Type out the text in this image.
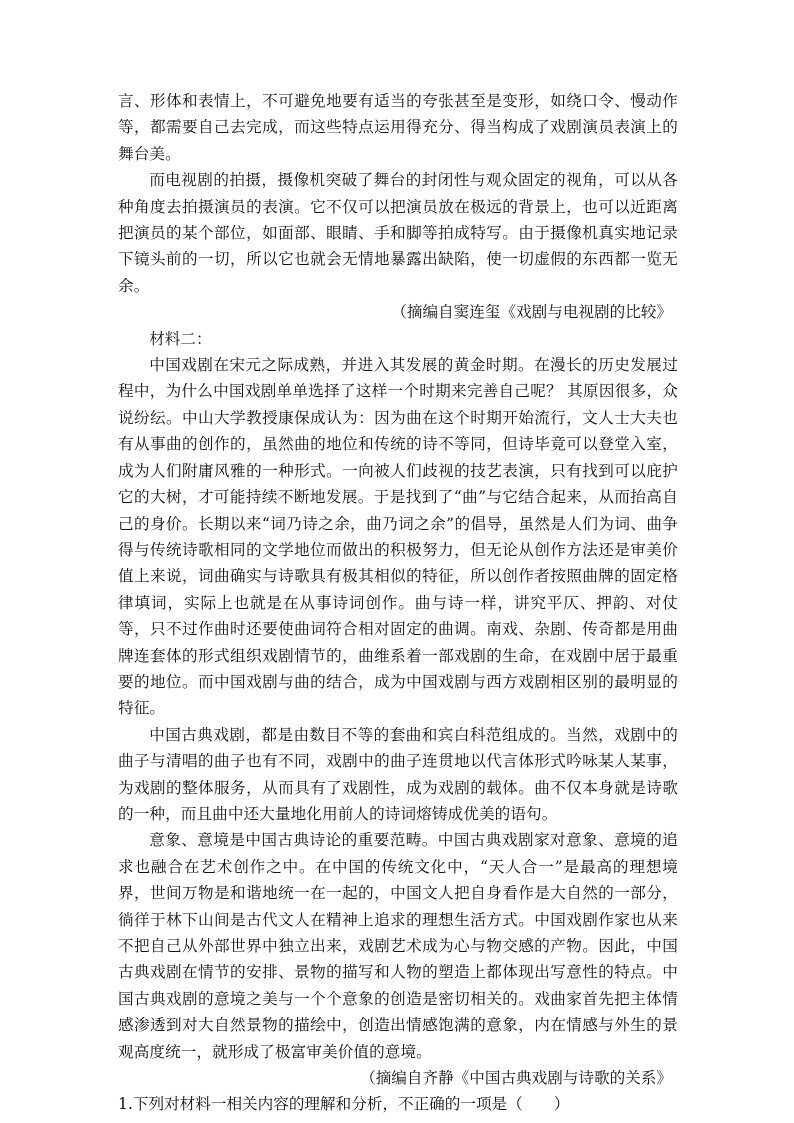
言、形体和表情上，不可避免地要有适当的夸张甚至是变形，如绕口令、慢动作等，都需要自己去完成，而这些特点运用得充分、得当构成了戏剧演员表演上的舞台美。

而电视剧的拍摄，摄像机突破了舞台的封闭性与观众固定的视角，可以从各种角度去拍摄演员的表演。它不仅可以把演员放在极远的背景上，也可以近距离把演员的某个部位，如面部、眼睛、手和脚等拍成特写。由于摄像机真实地记录下镜头前的一切，所以它也就会无情地暴露出缺陷，使一切虚假的东西都一览无余。

（摘编自窦连玺《戏剧与电视剧的比较》

材料二：

中国戏剧在宋元之际成熟，并进入其发展的黄金时期。在漫长的历史发展过程中，为什么中国戏剧单单选择了这样一个时期来完善自己呢？ 其原因很多，众说纷纭。中山大学教授康保成认为：因为曲在这个时期开始流行，文人士大夫也有从事曲的创作的，虽然曲的地位和传统的诗不等同，但诗毕竟可以登堂入室，成为人们附庸风雅的一种形式。一向被人们歧视的技艺表演，只有找到可以庇护它的大树，才可能持续不断地发展。于是找到了“曲”与它结合起来，从而抬高自己的身价。长期以来“词乃诗之余，曲乃词之余”的倡导，虽然是人们为词、曲争得与传统诗歌相同的文学地位而做出的积极努力，但无论从创作方法还是审美价值上来说，词曲确实与诗歌具有极其相似的特征，所以创作者按照曲牌的固定格律填词，实际上也就是在从事诗词创作。曲与诗一样，讲究平仄、押韵、对仗等，只不过作曲时还要使曲词符合相对固定的曲调。南戏、杂剧、传奇都是用曲牌连套体的形式组织戏剧情节的，曲维系着一部戏剧的生命，在戏剧中居于最重要的地位。而中国戏剧与曲的结合，成为中国戏剧与西方戏剧相区别的最明显的特征。

中国古典戏剧，都是由数目不等的套曲和宾白科范组成的。当然，戏剧中的曲子与清唱的曲子也有不同，戏剧中的曲子连贯地以代言体形式吟咏某人某事，为戏剧的整体服务，从而具有了戏剧性，成为戏剧的载体。曲不仅本身就是诗歌的一种，而且曲中还大量地化用前人的诗词熔铸成优美的语句。

意象、意境是中国古典诗论的重要范畴。中国古典戏剧家对意象、意境的追求也融合在艺术创作之中。在中国的传统文化中，“天人合一”是最高的理想境界，世间万物是和谐地统一在一起的，中国文人把自身看作是大自然的一部分，徜徉于林下山间是古代文人在精神上追求的理想生活方式。中国戏剧作家也从来不把自己从外部世界中独立出来，戏剧艺术成为心与物交感的产物。因此，中国古典戏剧在情节的安排、景物的描写和人物的塑造上都体现出写意性的特点。中国古典戏剧的意境之美与一个个意象的创造是密切相关的。戏曲家首先把主体情感渗透到对大自然景物的描绘中，创造出情感饱满的意象，内在情感与外生的景观高度统一，就形成了极富审美价值的意境。

（摘编自齐静《中国古典戏剧与诗歌的关系》

1.下列对材料一相关内容的理解和分析，不正确的一项是（　　）
